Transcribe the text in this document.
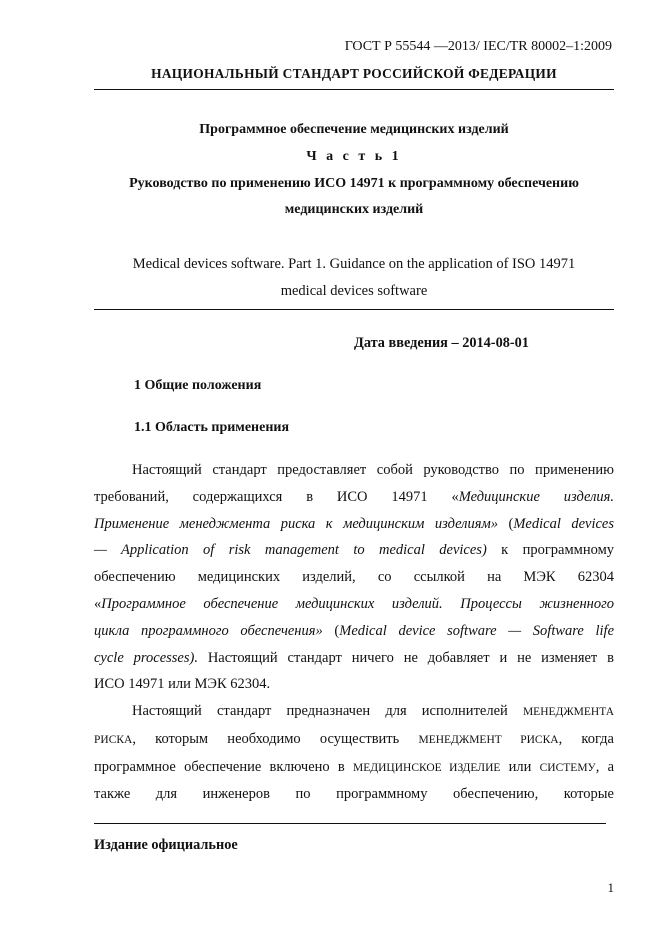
ГОСТ Р 55544 —2013/ IEC/TR 80002–1:2009
НАЦИОНАЛЬНЫЙ СТАНДАРТ РОССИЙСКОЙ ФЕДЕРАЦИИ
Программное обеспечение медицинских изделий
Ч а с т ь 1
Руководство по применению ИСО 14971 к программному обеспечению
медицинских изделий
Medical devices software. Part 1. Guidance on the application of ISO 14971
medical devices software
Дата введения – 2014-08-01
1 Общие положения
1.1 Область применения
Настоящий стандарт предоставляет собой руководство по применению
требований, содержащихся в ИСО 14971 «Медицинские изделия.
Применение менеджмента риска к медицинским изделиям» (Medical devices
— Application of risk management to medical devices) к программному
обеспечению медицинских изделий, со ссылкой на МЭК 62304
«Программное обеспечение медицинских изделий. Процессы жизненного
цикла программного обеспечения» (Medical device software — Software life
cycle processes). Настоящий стандарт ничего не добавляет и не изменяет в
ИСО 14971 или МЭК 62304.
Настоящий стандарт предназначен для исполнителей МЕНЕДЖМЕНТА
РИСКА, которым необходимо осуществить МЕНЕДЖМЕНТ РИСКА, когда
программное обеспечение включено в МЕДИЦИНСКОЕ ИЗДЕЛИЕ или СИСТЕМУ, а
также для инженеров по программному обеспечению, которые
Издание официальное
1
